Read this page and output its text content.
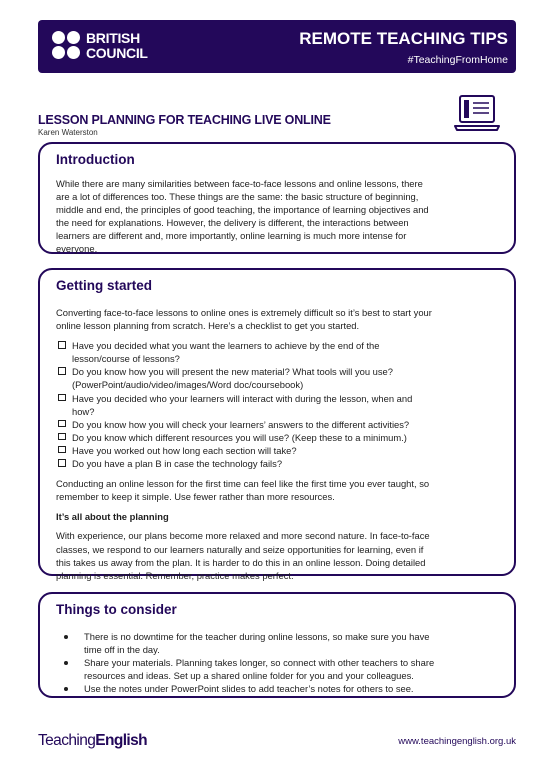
BRITISH
COUNCIL
REMOTE TEACHING TIPS
#TeachingFromHome
LESSON PLANNING FOR TEACHING LIVE ONLINE
Karen Waterston
Introduction
While there are many similarities between face-to-face lessons and online lessons, there
are a lot of differences too. These things are the same: the basic structure of beginning,
middle and end, the principles of good teaching, the importance of learning objectives and
the need for explanations. However, the delivery is different, the interactions between
learners are different and, more importantly, online learning is much more intense for
everyone.
Getting started
Converting face-to-face lessons to online ones is extremely difficult so it’s best to start your
online lesson planning from scratch. Here’s a checklist to get you started.
Have you decided what you want the learners to achieve by the end of the
lesson/course of lessons?
Do you know how you will present the new material? What tools will you use?
(PowerPoint/audio/video/images/Word doc/coursebook)
Have you decided who your learners will interact with during the lesson, when and
how?
Do you know how you will check your learners’ answers to the different activities?
Do you know which different resources you will use? (Keep these to a minimum.)
Have you worked out how long each section will take?
Do you have a plan B in case the technology fails?
Conducting an online lesson for the first time can feel like the first time you ever taught, so
remember to keep it simple. Use fewer rather than more resources.
It’s all about the planning
With experience, our plans become more relaxed and more second nature. In face-to-face
classes, we respond to our learners naturally and seize opportunities for learning, even if
this takes us away from the plan. It is harder to do this in an online lesson. Doing detailed
planning is essential. Remember, practice makes perfect.
Things to consider
There is no downtime for the teacher during online lessons, so make sure you have
time off in the day.
Share your materials. Planning takes longer, so connect with other teachers to share
resources and ideas. Set up a shared online folder for you and your colleagues.
Use the notes under PowerPoint slides to add teacher’s notes for others to see.
TeachingEnglish	www.teachingenglish.org.uk
